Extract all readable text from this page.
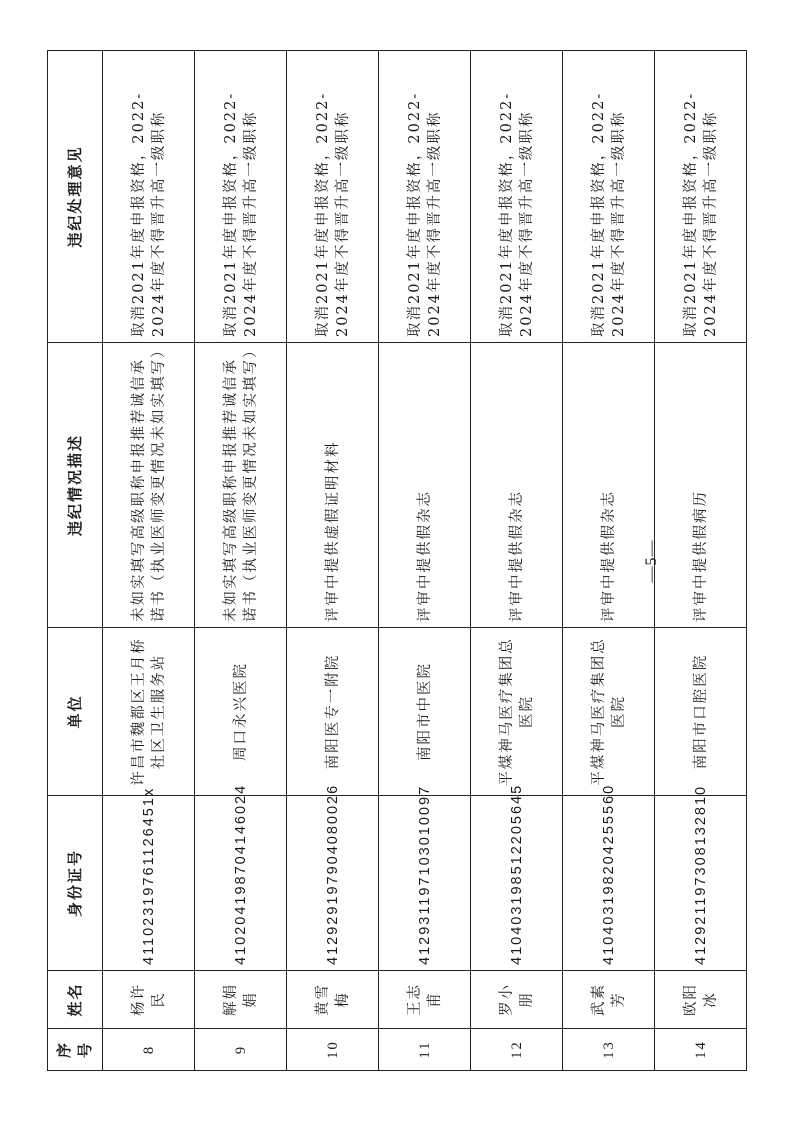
序号	姓名	身份证号	单位	违纪情况描述	违纪处理意见
8	杨许民	41102319761126451x	许昌市魏都区王月桥社区卫生服务站	未如实填写高级职称申报推荐诚信承诺书（执业医师变更情况未如实填写）	取消2021年度申报资格，2022-2024年度不得晋升高一级职称
9	解娟娟	410204198704146024	周口永兴医院	未如实填写高级职称申报推荐诚信承诺书（执业医师变更情况未如实填写）	取消2021年度申报资格，2022-2024年度不得晋升高一级职称
10	黄雪梅	412929197904080026	南阳医专一附院	评审中提供虚假证明材料	取消2021年度申报资格，2022-2024年度不得晋升高一级职称
11	王志甫	412931197103010097	南阳市中医院	评审中提供假杂志	取消2021年度申报资格，2022-2024年度不得晋升高一级职称
12	罗小朋	410403198512205645	平煤神马医疗集团总医院	评审中提供假杂志	取消2021年度申报资格，2022-2024年度不得晋升高一级职称
13	武素芳	410403198204255560	平煤神马医疗集团总医院	评审中提供假杂志	取消2021年度申报资格，2022-2024年度不得晋升高一级职称
14	欧阳冰	412921197308132810	南阳市口腔医院	评审中提供假病历	取消2021年度申报资格，2022-2024年度不得晋升高一级职称
—5—
